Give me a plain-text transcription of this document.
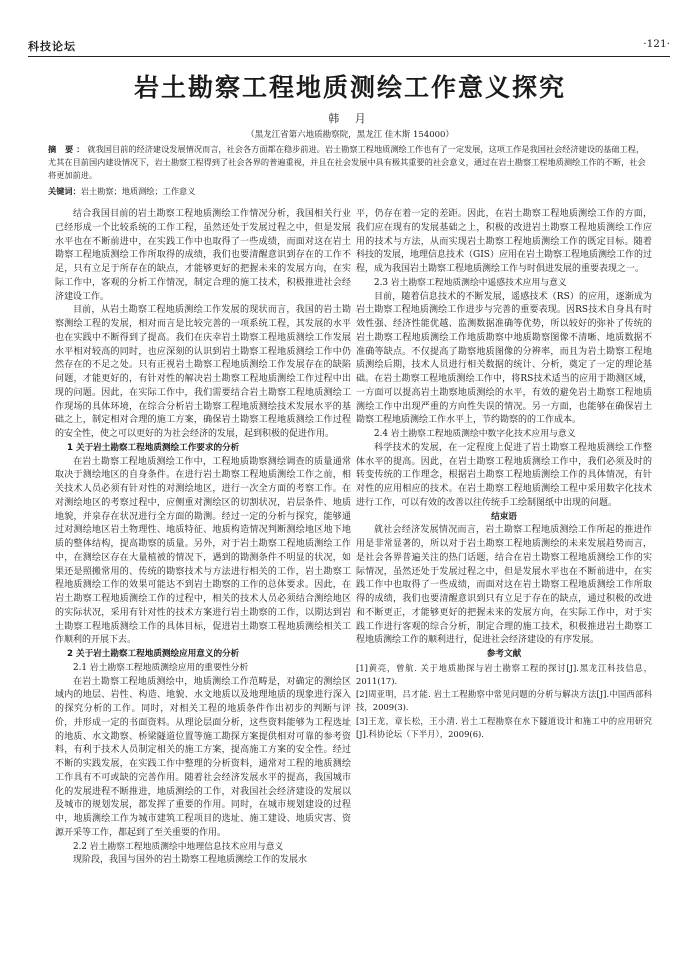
科技论坛	·121·
岩土勘察工程地质测绘工作意义探究
韩 月
（黑龙江省第六地质勘察院，黑龙江 佳木斯 154000）
摘 要：就我国目前的经济建设发展情况而言，社会各方面都在稳步前进。岩土勘察工程地质测绘工作也有了一定发展，这项工作是我国社会经济建设的基础工程，尤其在目前国内建设情况下，岩土勘察工程得到了社会各界的普遍重视，并且在社会发展中具有极其重要的社会意义，通过在岩土勘察工程地质测绘工作的不断，社会将更加前进。
关键词：岩土勘察；地质测绘；工作意义

结合我国目前的岩土勘察工程地质测绘工作情况分析，我国相关行业已经形成一个比较系统的工作工程，虽然还处于发展过程之中，但是发展水平也在不断前进中，在实践工作中也取得了一些成绩，而面对这在岩土勘察工程地质测绘工作所取得的成绩，我们也要清醒意识到存在的工作不足，只有立足于所存在的缺点，才能够更好的把握未来的发展方向，在实际工作中，客观的分析工作情况，制定合理的施工技术，积极推进社会经济建设工作。

目前，从岩土勘察工程地质测绘工作发展的现状而言，我国的岩土勘察测绘工程的发展，相对而言是比较完善的一项系统工程，其发展的水平也在实践中不断得到了提高。我们在庆幸岩土勘察工程地质测绘工作发展水平相对较高的同时，也应深刻的认识到岩土勘察工程地质测绘工作中仍然存在的不足之处。只有正视岩土勘察工程地质测绘工作发展存在的缺陷问题，才能更好的，有针对性的解决岩土勘察工程地质测绘工作过程中出现的问题。因此，在实际工作中，我们需要结合岩土勘察工程地质测绘工作现场的具体环境，在综合分析岩土勘察工程地质测绘技术发展水平的基础之上，制定相对合理的施工方案，确保岩土勘察工程地质测绘工作过程的安全性，使之可以更好的为社会经济的发展，起到积极的促进作用。

1 关于岩土勘察工程地质测绘工作要求的分析

在岩土勘察工程地质测绘工作中，工程地质勘察测绘调查的质量通常取决于测绘地区的自身条件。在进行岩土勘察工程地质测绘工作之前，相关技术人员必须有针对性的对测绘地区，进行一次全方面的考察工作。在对测绘地区的考察过程中，应侧重对测绘区的切割状况，岩层条件、地质地貌，并泉存在状况进行全方面的勘测。经过一定的分析与探究，能够通过对测绘地区岩土物理性、地质特征、地质构造情况判断测绘地区地下地质的整体结构，提高勘察的质量。另外，对于岩土勘察工程地质测绘工作中，在测绘区存在大量植被的情况下，遇到的勘测条件不明显的状况，如果还是照搬常用的、传统的勘察技术与方法进行相关的工作，岩土勘察工程地质测绘工作的效果可能达不到岩土勘察的工作的总体要求。因此，在岩土勘察工程地质测绘工作的过程中，相关的技术人员必须结合测绘地区的实际状况，采用有针对性的技术方案进行岩土勘察的工作，以期达到岩土勘察工程地质测绘工作的具体目标，促进岩土勘察工程地质测绘相关工作顺利的开展下去。

2 关于岩土勘察工程地质测绘应用意义的分析
2.1 岩土勘察工程地质测绘应用的重要性分析

在岩土勘察工程地质测绘中，地质测绘工作范畴是，对确定的测绘区域内的地层、岩性、构造、地貌、水文地质以及地理地质的现象进行深入的探究分析的工作。同时，对相关工程的地质条件作出初步的判断与评价，并形成一定的书面资料。从理论层面分析，这些资料能够为工程选址的地质、水文勘察、桥梁隧道位置等施工勘探方案提供相对可靠的参考资料，有利于技术人员制定相关的施工方案，提高施工方案的安全性。经过不断的实践发展，在实践工作中整理的分析资料，通常对工程的地质测绘工作具有不可或缺的完善作用。随着社会经济发展水平的提高，我国城市化的发展进程不断推进，地质测绘的工作，对我国社会经济建设的发展以及城市的规划发展，都发挥了重要的作用。同时，在城市规划建设的过程中，地质测绘工作为城市建筑工程项目的选址、施工建设、地质灾害、资源开采等工作，都起到了至关重要的作用。

2.2 岩土勘察工程地质测绘中地理信息技术应用与意义

现阶段，我国与国外的岩土勘察工程地质测绘工作的发展水

平，仍存在着一定的差距。因此，在岩土勘察工程地质测绘工作的方面，我们应在现有的发展基础之上，积极的改进岩土勘察工程地质测绘工作应用的技术与方法，从而实现岩土勘察工程地质测绘工作的既定目标。随着科技的发展，地理信息技术（GIS）应用在岩土勘察工程地质测绘工作的过程，成为我国岩土勘察工程地质测绘工作与时俱进发展的重要表现之一。

2.3 岩土勘察工程地质测绘中遥感技术应用与意义

目前，随着信息技术的不断发展，遥感技术（RS）的应用，逐渐成为岩土勘察工程地质测绘工作进步与完善的重要表现。因RS技术自身具有时效性强、经济性能优越、监测数据准确等优势，所以较好的弥补了传统的岩土勘察工程地质测绘工作地质勘察中地质勘察图像不清晰、地质数据不准确等缺点。不仅提高了勘察地质图像的分辨率，而且为岩土勘察工程地质测绘后期，技术人员进行相关数据的统计、分析，奠定了一定的理论基础。在岩土勘察工程地质测绘工作中，将RS技术适当的应用于勘测区域，一方面可以提高岩土勘察地质测绘的水平，有效的避免岩土勘察工程地质测绘工作中出现严重的方向性失误的情况。另一方面，也能够在确保岩土勘察工程地质测绘工作水平上，节约勘察的的工作成本。

2.4 岩土勘察工程地质测绘中数字化技术应用与意义

科学技术的发展，在一定程度上促进了岩土勘察工程地质测绘工作整体水平的提高。因此，在岩土勘察工程地质测绘工作中，我们必须及时的转变传统的工作理念，根据岩土勘察工程地质测绘工作的具体情况，有针对性的应用相应的技术。在岩土勘察工程地质测绘工程中采用数字化技术进行工作，可以有效的改善以往传统手工绘制图纸中出现的问题。

结束语

就社会经济发展情况而言，岩土勘察工程地质测绘工作所起的推进作用是非常显著的，所以对于岩土勘察工程地质测绘的未来发展趋势而言，是社会各界普遍关注的热门话题，结合在岩土勘察工程地质测绘工作的实际情况，虽然还处于发展过程之中，但是发展水平也在不断前进中，在实践工作中也取得了一些成绩，而面对这在岩土勘察工程地质测绘工作所取得的成绩，我们也要清醒意识到只有立足于存在的缺点，通过积极的改进和不断更正，才能够更好的把握未来的发展方向，在实际工作中，对于实践工作进行客观的综合分析，制定合理的施工技术，积极推进岩土勘察工程地质测绘工作的顺利进行，促进社会经济建设的有序发展。

参考文献

[1]黄亮，曾航. 关于地质勘探与岩土勘察工程的探讨[J].黑龙江科技信息，2011(17).

[2]周亚明，吕才能. 岩土工程勘察中常见问题的分析与解决方法[J].中国西部科技，2009(3).

[3]王龙，章长松，王小清. 岩土工程勘察在水下隧道设计和施工中的应用研究[J].科协论坛（下半月），2009(6).
